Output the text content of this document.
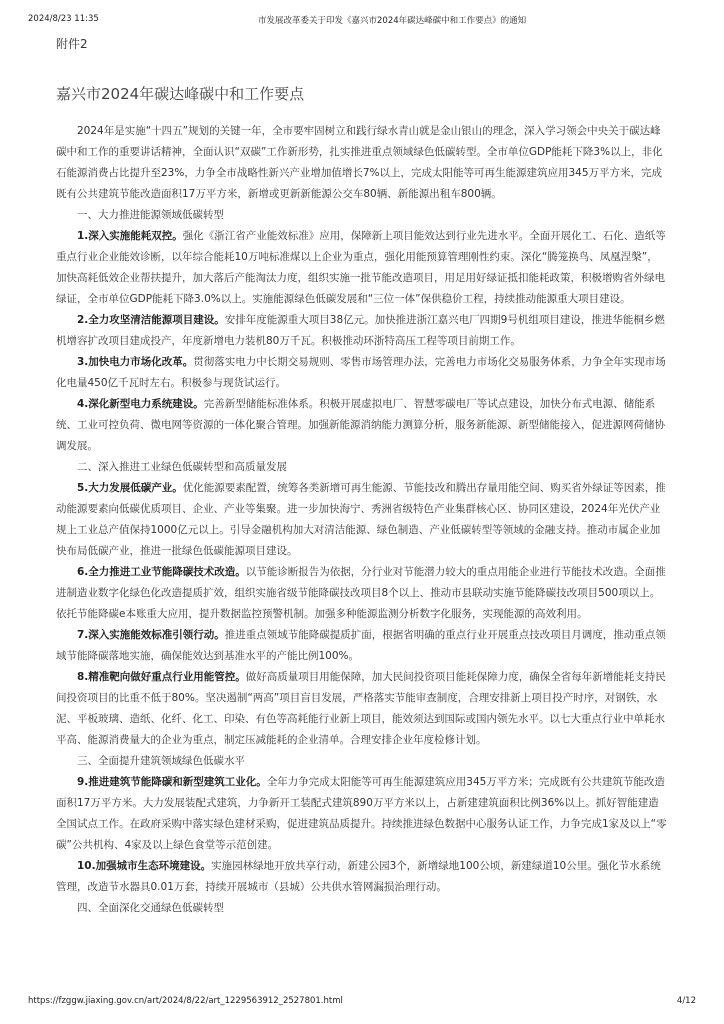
2024/8/23 11:35	市发展改革委关于印发《嘉兴市2024年碳达峰碳中和工作要点》的通知
附件2
嘉兴市2024年碳达峰碳中和工作要点

2024年是实施“十四五”规划的关键一年，全市要牢固树立和践行绿水青山就是金山银山的理念，深入学习领会中央关于碳达峰碳中和工作的重要讲话精神，全面认识“双碳”工作新形势，扎实推进重点领域绿色低碳转型。全市单位GDP能耗下降3%以上，非化石能源消费占比提升至23%，力争全市战略性新兴产业增加值增长7%以上，完成太阳能等可再生能源建筑应用345万平方米，完成既有公共建筑节能改造面积17万平方米，新增或更新新能源公交车80辆、新能源出租车800辆。

一、大力推进能源领域低碳转型

1.深入实施能耗双控。强化《浙江省产业能效标准》应用，保障新上项目能效达到行业先进水平。全面开展化工、石化、造纸等重点行业企业能效诊断，以年综合能耗10万吨标准煤以上企业为重点，强化用能预算管理刚性约束。深化“腾笼换鸟、凤凰涅槃”，加快高耗低效企业帮扶提升，加大落后产能淘汰力度，组织实施一批节能改造项目，用足用好绿证抵扣能耗政策，积极增购省外绿电绿证，全市单位GDP能耗下降3.0%以上。实施能源绿色低碳发展和“三位一体”保供稳价工程，持续推动能源重大项目建设。

2.全力攻坚清洁能源项目建设。安排年度能源重大项目38亿元。加快推进浙江嘉兴电厂四期9号机组项目建设，推进华能桐乡燃机增容扩改项目建成投产，年度新增电力装机80万千瓦。积极推动环浙特高压工程等项目前期工作。

3.加快电力市场化改革。贯彻落实电力中长期交易规则、零售市场管理办法，完善电力市场化交易服务体系，力争全年实现市场化电量450亿千瓦时左右。积极参与现货试运行。

4.深化新型电力系统建设。完善新型储能标准体系。积极开展虚拟电厂、智慧零碳电厂等试点建设，加快分布式电源、储能系统、工业可控负荷、微电网等资源的一体化聚合管理。加强新能源消纳能力测算分析，服务新能源、新型储能接入，促进源网荷储协调发展。

二、深入推进工业绿色低碳转型和高质量发展

5.大力发展低碳产业。优化能源要素配置，统筹各类新增可再生能源、节能技改和腾出存量用能空间、购买省外绿证等因素，推动能源要素向低碳优质项目、企业、产业等集聚。进一步加快海宁、秀洲省级特色产业集群核心区、协同区建设，2024年光伏产业规上工业总产值保持1000亿元以上。引导金融机构加大对清洁能源、绿色制造、产业低碳转型等领域的金融支持。推动市属企业加快布局低碳产业，推进一批绿色低碳能源项目建设。

6.全力推进工业节能降碳技术改造。以节能诊断报告为依据，分行业对节能潜力较大的重点用能企业进行节能技术改造。全面推进制造业数字化绿色化改造提质扩效，组织实施省级节能降碳技改项目8个以上、推动市县联动实施节能降碳技改项目500项以上。依托节能降碳e本账重大应用，提升数据监控预警机制。加强多种能源监测分析数字化服务，实现能源的高效利用。

7.深入实施能效标准引领行动。推进重点领域节能降碳提质扩面，根据省明确的重点行业开展重点技改项目月调度，推动重点领域节能降碳落地实施，确保能效达到基准水平的产能比例100%。

8.精准靶向做好重点行业用能管控。做好高质量项目用能保障，加大民间投资项目能耗保障力度，确保全省每年新增能耗支持民间投资项目的比重不低于80%。坚决遏制“两高”项目盲目发展，严格落实节能审查制度，合理安排新上项目投产时序，对钢铁，水泥、平板玻璃、造纸、化纤、化工、印染、有色等高耗能行业新上项目，能效须达到国际或国内领先水平。以七大重点行业中单耗水平高、能源消费量大的企业为重点，制定压减能耗的企业清单。合理安排企业年度检修计划。

三、全面提升建筑领域绿色低碳水平

9.推进建筑节能降碳和新型建筑工业化。全年力争完成太阳能等可再生能源建筑应用345万平方米；完成既有公共建筑节能改造面积17万平方米。大力发展装配式建筑，力争新开工装配式建筑890万平方米以上，占新建建筑面积比例36%以上。抓好智能建造全国试点工作。在政府采购中落实绿色建材采购，促进建筑品质提升。持续推进绿色数据中心服务认证工作，力争完成1家及以上“零碳”公共机构、4家及以上绿色食堂等示范创建。

10.加强城市生态环境建设。实施园林绿地开放共享行动，新建公园3个，新增绿地100公顷，新建绿道10公里。强化节水系统管理，改造节水器具0.01万套，持续开展城市（县城）公共供水管网漏损治理行动。

四、全面深化交通绿色低碳转型

https://fzggw.jiaxing.gov.cn/art/2024/8/22/art_1229563912_2527801.html	4/12
